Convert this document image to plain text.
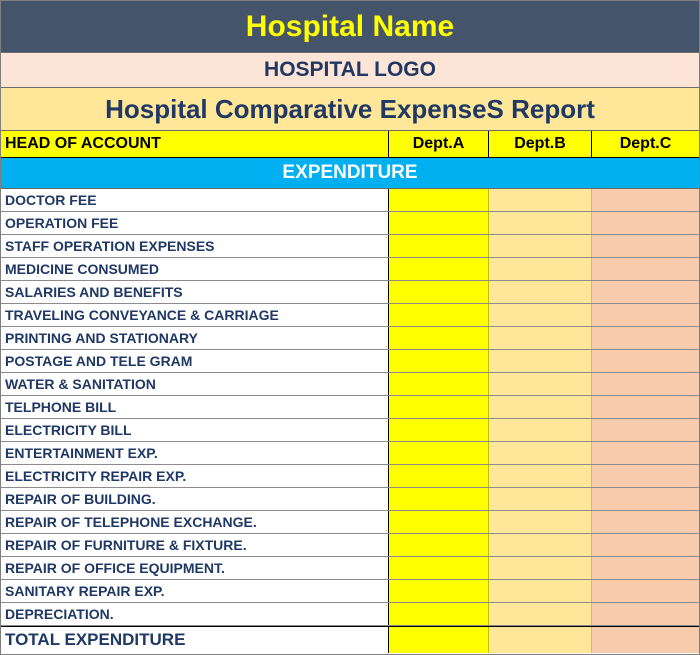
Hospital Name
HOSPITAL LOGO
Hospital Comparative ExpenseS Report
HEAD OF ACCOUNT	Dept.A	Dept.B	Dept.C
EXPENDITURE
DOCTOR FEE
OPERATION FEE
STAFF OPERATION EXPENSES
MEDICINE CONSUMED
SALARIES AND BENEFITS
TRAVELING CONVEYANCE & CARRIAGE
PRINTING AND STATIONARY
POSTAGE AND TELE GRAM
WATER & SANITATION
TELPHONE BILL
ELECTRICITY BILL
ENTERTAINMENT EXP.
ELECTRICITY REPAIR EXP.
REPAIR OF BUILDING.
REPAIR OF TELEPHONE EXCHANGE.
REPAIR OF FURNITURE & FIXTURE.
REPAIR OF OFFICE EQUIPMENT.
SANITARY REPAIR EXP.
DEPRECIATION.
TOTAL EXPENDITURE
